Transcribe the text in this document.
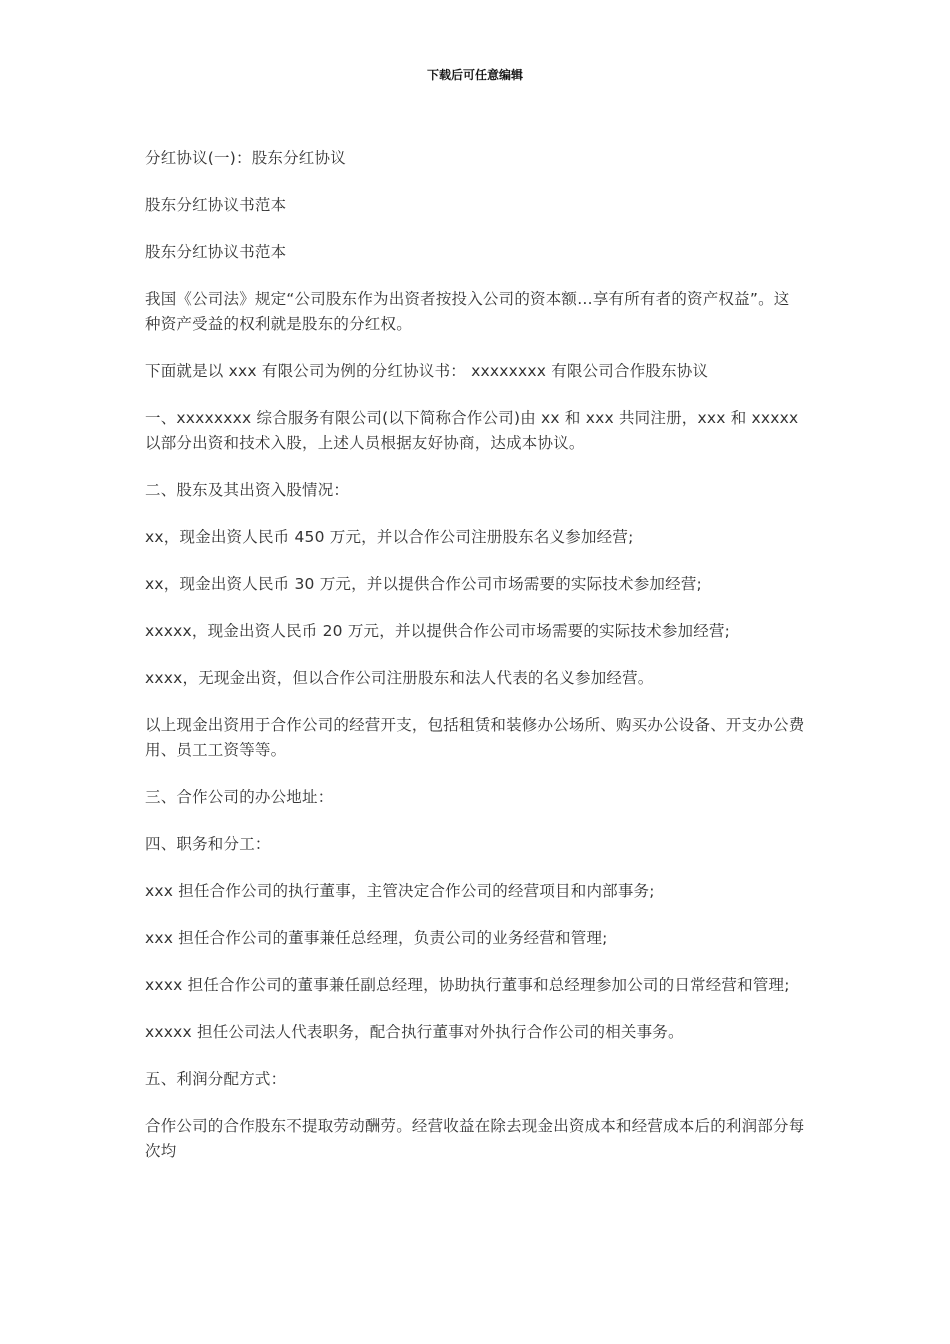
下载后可任意编辑

分红协议(一)：股东分红协议

股东分红协议书范本

股东分红协议书范本

我国《公司法》规定“公司股东作为出资者按投入公司的资本额…享有所有者的资产权益”。这种资产受益的权利就是股东的分红权。

下面就是以 xxx 有限公司为例的分红协议书： xxxxxxxx 有限公司合作股东协议

一、xxxxxxxx 综合服务有限公司(以下简称合作公司)由 xx 和 xxx 共同注册，xxx 和 xxxxx 以部分出资和技术入股，上述人员根据友好协商，达成本协议。

二、股东及其出资入股情况：

xx，现金出资人民币 450 万元，并以合作公司注册股东名义参加经营;

xx，现金出资人民币 30 万元，并以提供合作公司市场需要的实际技术参加经营;

xxxxx，现金出资人民币 20 万元，并以提供合作公司市场需要的实际技术参加经营;

xxxx，无现金出资，但以合作公司注册股东和法人代表的名义参加经营。

以上现金出资用于合作公司的经营开支，包括租赁和装修办公场所、购买办公设备、开支办公费用、员工工资等等。

三、合作公司的办公地址：

四、职务和分工：

xxx 担任合作公司的执行董事，主管决定合作公司的经营项目和内部事务;

xxx 担任合作公司的董事兼任总经理，负责公司的业务经营和管理;

xxxx 担任合作公司的董事兼任副总经理，协助执行董事和总经理参加公司的日常经营和管理;

xxxxx 担任公司法人代表职务，配合执行董事对外执行合作公司的相关事务。

五、利润分配方式：

合作公司的合作股东不提取劳动酬劳。经营收益在除去现金出资成本和经营成本后的利润部分每次均
